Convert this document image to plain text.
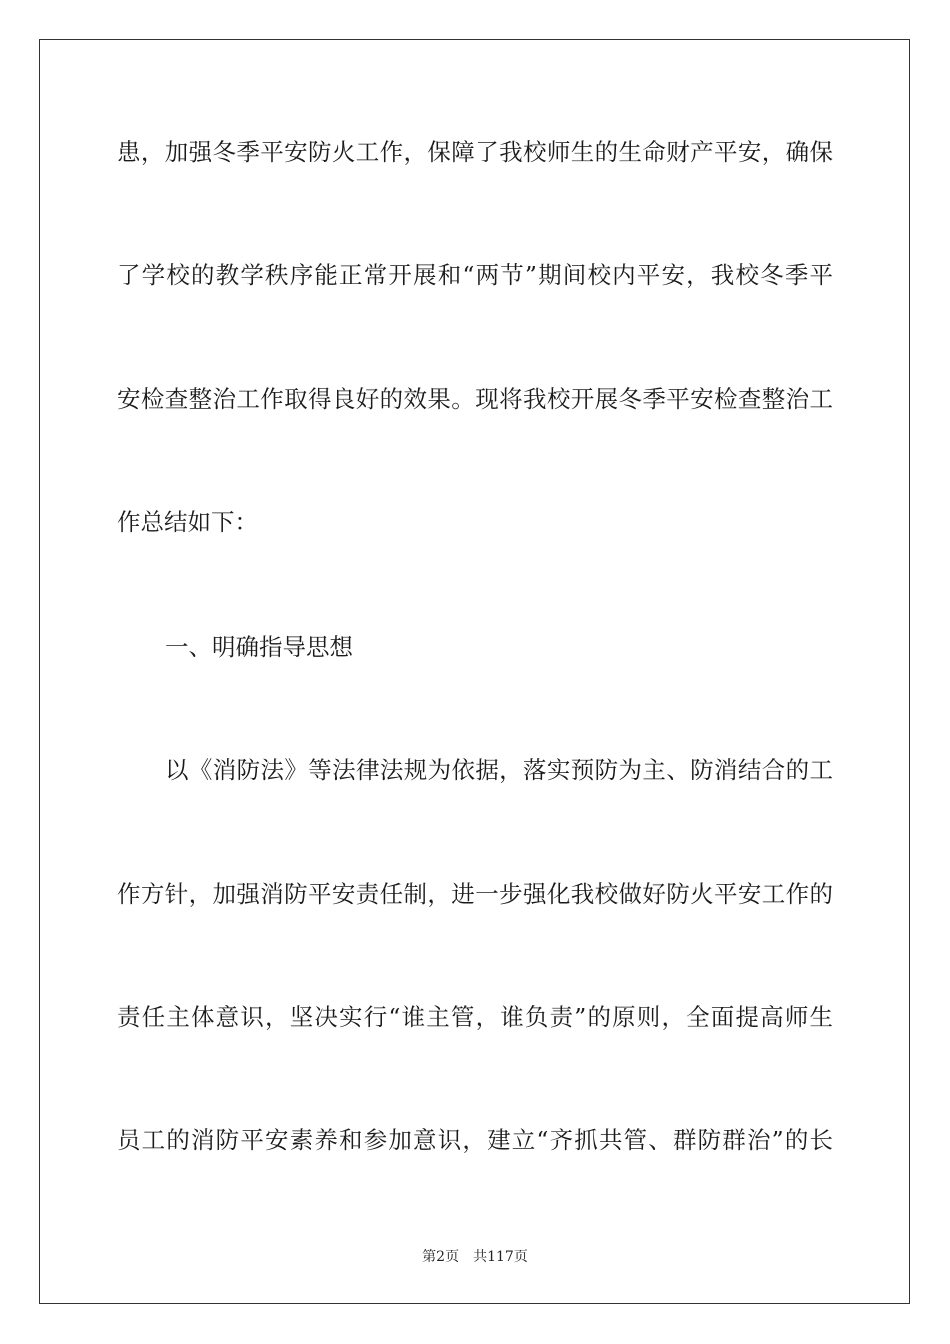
患，加强冬季平安防火工作，保障了我校师生的生命财产平安，确保
了学校的教学秩序能正常开展和“两节”期间校内平安，我校冬季平
安检查整治工作取得良好的效果。现将我校开展冬季平安检查整治工
作总结如下：
一、明确指导思想
以《消防法》等法律法规为依据，落实预防为主、防消结合的工
作方针，加强消防平安责任制，进一步强化我校做好防火平安工作的
责任主体意识，坚决实行“谁主管，谁负责”的原则，全面提高师生
员工的消防平安素养和参加意识，建立“齐抓共管、群防群治”的长
第2页 共117页
